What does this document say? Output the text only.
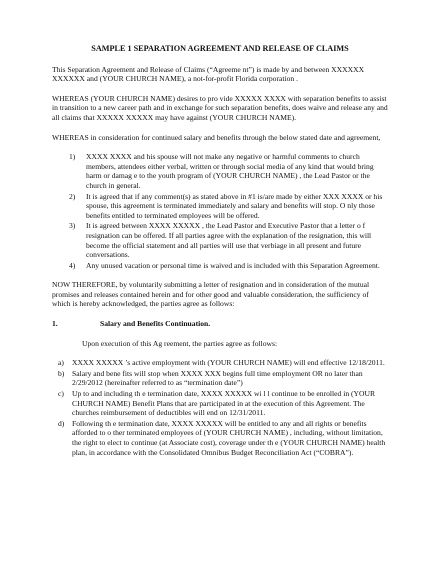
SAMPLE 1 SEPARATION AGREEMENT AND RELEASE OF CLAIMS

This Separation Agreement and Release of Claims (“Agreeme nt”) is made by and between XXXXXX XXXXXX and (YOUR CHURCH NAME), a not-for-profit Florida corporation .

WHEREAS (YOUR CHURCH NAME) desires to pro vide XXXXX XXXX with separation benefits to assist in transition to a new career path and in exchange for such separation benefits, does waive and release any and all claims that XXXXX XXXXX may have against (YOUR CHURCH NAME).

WHEREAS in consideration for continued salary and benefits through the below stated date and agreement,

1) XXXX XXXX and his spouse will not make any negative or harmful comments to church members, attendees either verbal, written or through social media of any kind that would bring harm or damag e to the youth program of (YOUR CHURCH NAME) , the Lead Pastor or the church in general.
2) It is agreed that if any comment(s) as stated above in #1 is/are made by either XXX XXXX or his spouse, this agreement is terminated immediately and salary and benefits will stop. O nly those benefits entitled to terminated employees will be offered.
3) It is agreed between XXXX XXXXX , the Lead Pastor and Executive Pastor that a letter o f resignation can be offered. If all parties agree with the explanation of the resignation, this will become the official statement and all parties will use that verbiage in all present and future conversations.
4) Any unused vacation or personal time is waived and is included with this Separation Agreement.

NOW THEREFORE, by voluntarily submitting a letter of resignation and in consideration of the mutual promises and releases contained herein and for other good and valuable consideration, the sufficiency of which is hereby acknowledged, the parties agree as follows:

1.	Salary and Benefits Continuation.
Upon execution of this Ag reement, the parties agree as follows:
a) XXXX XXXXX ’s active employment with (YOUR CHURCH NAME) will end effective 12/18/2011.
b) Salary and bene fits will stop when XXXX XXX begins full time employment OR no later than 2/29/2012 (hereinafter referred to as “termination date”)
c) Up to and including th e termination date, XXXX XXXXX wi l l continue to be enrolled in (YOUR CHURCH NAME) Benefit Plans that are participated in at the execution of this Agreement. The churches reimbursement of deductibles will end on 12/31/2011.
d) Following th e termination date, XXXX XXXXX will be entitled to any and all rights or benefits afforded to o ther terminated employees of (YOUR CHURCH NAME) , including, without limitation, the right to elect to continue (at Associate cost), coverage under th e (YOUR CHURCH NAME) health plan, in accordance with the Consolidated Omnibus Budget Reconciliation Act (“COBRA”).
